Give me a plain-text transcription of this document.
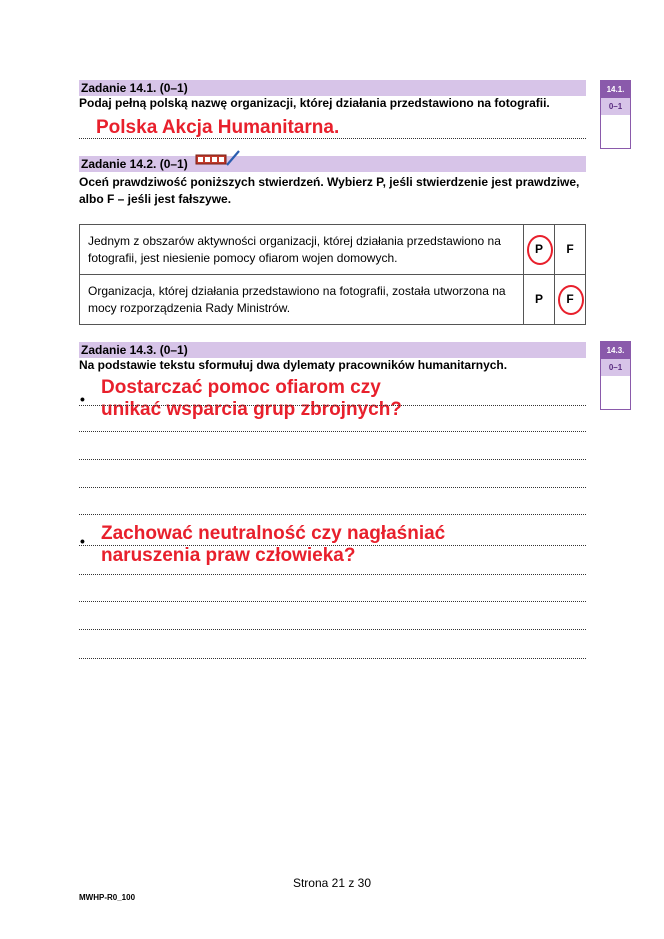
Zadanie 14.1. (0–1)
Podaj pełną polską nazwę organizacji, której działania przedstawiono na fotografii.
Polska Akcja Humanitarna.
14.1.
0–1
Zadanie 14.2. (0–1)
Oceń prawdziwość poniższych stwierdzeń. Wybierz P, jeśli stwierdzenie jest prawdziwe, albo F – jeśli jest fałszywe.
Jednym z obszarów aktywności organizacji, której działania przedstawiono na fotografii, jest niesienie pomocy ofiarom wojen domowych.	P	F
Organizacja, której działania przedstawiono na fotografii, została utworzona na mocy rozporządzenia Rady Ministrów.	P	F
Zadanie 14.3. (0–1)
Na podstawie tekstu sformułuj dwa dylematy pracowników humanitarnych.
14.3.
0–1
•
Dostarczać pomoc ofiarom czy
unikać wsparcia grup zbrojnych?
• Zachować neutralność czy nagłaśniać
naruszenia praw człowieka?
Strona 21 z 30
MWHP-R0_100
